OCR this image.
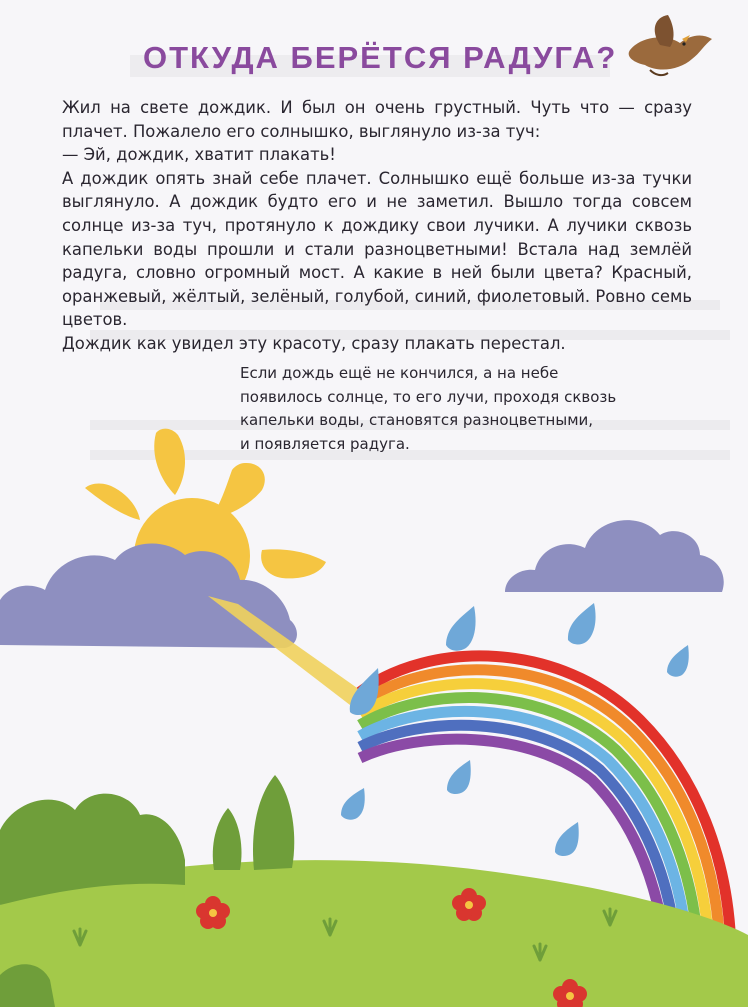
ОТКУДА БЕРЁТСЯ РАДУГА?

Жил на свете дождик. И был он очень грустный. Чуть что — сразу плачет. Пожалело его солнышко, выглянуло из-за туч:

— Эй, дождик, хватит плакать!

А дождик опять знай себе плачет. Солнышко ещё больше из-за тучки выглянуло. А дождик будто его и не заметил. Вышло тогда совсем солнце из-за туч, протянуло к дождику свои лучики. А лучики сквозь капельки воды прошли и стали разноцветными! Встала над землёй радуга, словно огромный мост. А какие в ней были цвета? Красный, оранжевый, жёлтый, зелёный, голубой, синий, фиолетовый. Ровно семь цветов.

Дождик как увидел эту красоту, сразу плакать перестал.

Если дождь ещё не кончился, а на небе
появилось солнце, то его лучи, проходя сквозь
капельки воды, становятся разноцветными,
и появляется радуга.
